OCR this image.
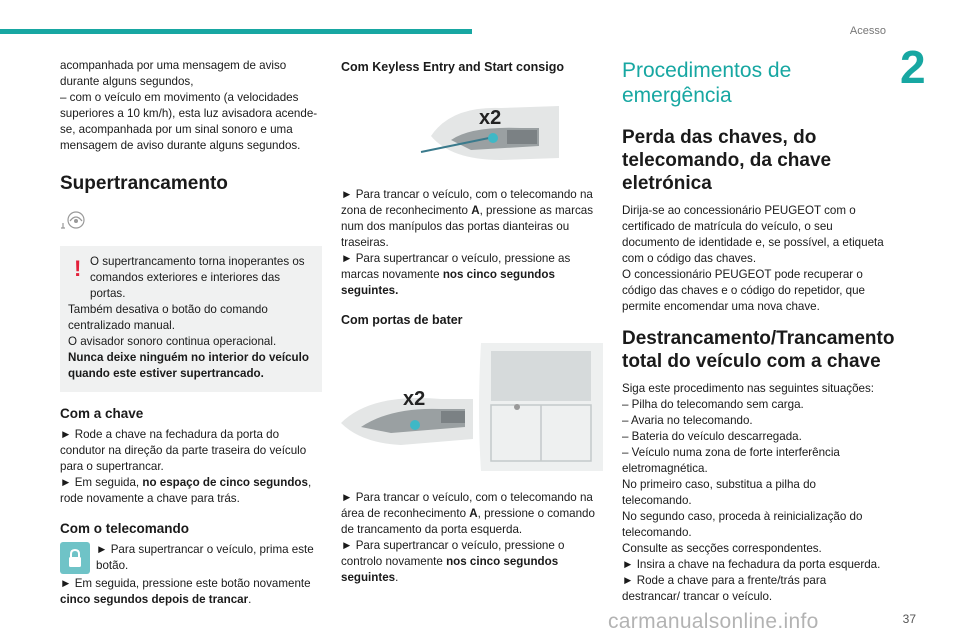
Acesso
2

acompanhada por uma mensagem de aviso durante alguns segundos,

– com o veículo em movimento (a velocidades superiores a 10 km/h), esta luz avisadora acende-se, acompanhada por um sinal sonoro e uma mensagem de aviso durante alguns segundos.

Supertrancamento
! O supertrancamento torna inoperantes os comandos exteriores e interiores das portas.

Também desativa o botão do comando centralizado manual.

O avisador sonoro continua operacional.

Nunca deixe ninguém no interior do veículo quando este estiver supertrancado.

Com a chave

► Rode a chave na fechadura da porta do condutor na direção da parte traseira do veículo para o supertrancar.

► Em seguida, no espaço de cinco segundos, rode novamente a chave para trás.

Com o telecomando

► Para supertrancar o veículo, prima este botão.

► Em seguida, pressione este botão novamente cinco segundos depois de trancar.

Com Keyless Entry and Start consigo
x2

► Para trancar o veículo, com o telecomando na zona de reconhecimento A, pressione as marcas num dos manípulos das portas dianteiras ou traseiras.

► Para supertrancar o veículo, pressione as marcas novamente nos cinco segundos seguintes.

Com portas de bater
x2

► Para trancar o veículo, com o telecomando na área de reconhecimento A, pressione o comando de trancamento da porta esquerda.

► Para supertrancar o veículo, pressione o controlo novamente nos cinco segundos seguintes.

Procedimentos de emergência
Perda das chaves, do telecomando, da chave eletrónica

Dirija-se ao concessionário PEUGEOT com o certificado de matrícula do veículo, o seu documento de identidade e, se possível, a etiqueta com o código das chaves.

O concessionário PEUGEOT pode recuperar o código das chaves e o código do repetidor, que permite encomendar uma nova chave.

Destrancamento/Trancamento total do veículo com a chave

Siga este procedimento nas seguintes situações:

– Pilha do telecomando sem carga.

– Avaria no telecomando.

– Bateria do veículo descarregada.

– Veículo numa zona de forte interferência eletromagnética.

No primeiro caso, substitua a pilha do telecomando.

No segundo caso, proceda à reinicialização do telecomando.

Consulte as secções correspondentes.

► Insira a chave na fechadura da porta esquerda.

► Rode a chave para a frente/trás para destrancar/ trancar o veículo.

carmanualsonline.info	37
